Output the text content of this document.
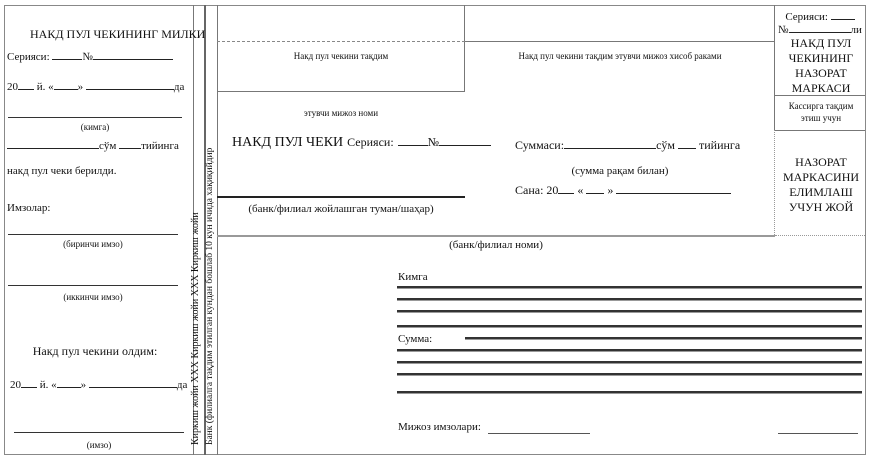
НАКД ПУЛ ЧЕКИНИНГ МИЛКИ
Серияси:	№
20 й. « »	да
(кимга)
сўм тийинга
накд пул чеки берилди.
Имзолар:
(биринчи имзо)
(иккинчи имзо)
Накд пул чекини олдим:
20 й. « »	да
(имзо)	Киркиш жойи XXX Киркиш жойи XXX Киркиш жойи Банк (филиалга тақдим этилган кундан бошлаб 10 кун ичида хақиқийдир
Накд пул чекини тақдим	Накд пул чекини тақдим этувчи мижоз хисоб раками
этувчи мижоз номи
НАКД ПУЛ ЧЕКИ Серияси:	№
(банк/филиал жойлашган туман/шаҳар)
Суммаси:	сўм тийинга
(сумма рақам билан)
Сана: 20 « »
(банк/филиал номи)
Серияси:
№	ли
НАКД ПУЛ ЧЕКИНИНГ НАЗОРАТ МАРКАСИ
Кассирга тақдим этиш учун
НАЗОРАТ МАРКАСИНИ ЕЛИМЛАШ УЧУН ЖОЙ
Кимга
Сумма:
Мижоз имзолари:
